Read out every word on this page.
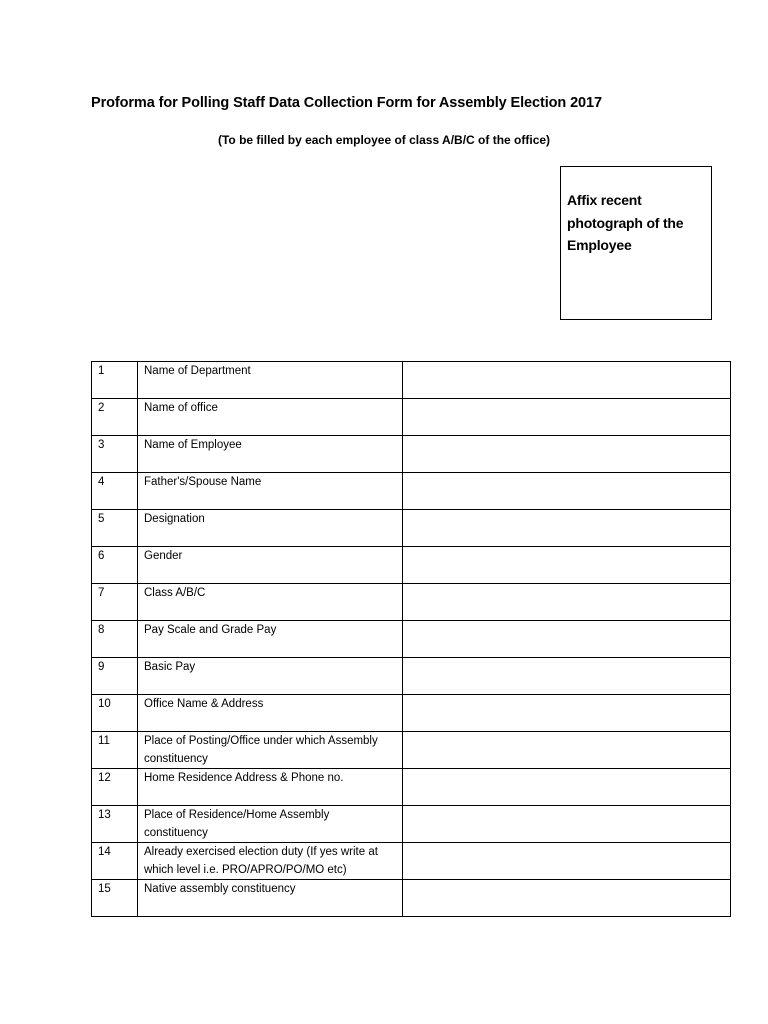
Proforma for Polling Staff Data Collection Form for Assembly Election 2017
(To be filled by each employee of class A/B/C of the office)
Affix recent
photograph of the
Employee
1	Name of Department	
2	Name of office	
3	Name of Employee	
4	Father's/Spouse Name	
5	Designation	
6	Gender	
7	Class A/B/C	
8	Pay Scale and Grade Pay	
9	Basic Pay	
10	Office Name & Address	
11	Place of Posting/Office under which Assembly constituency	
12	Home Residence Address & Phone no.	
13	Place of Residence/Home Assembly constituency	
14	Already exercised election duty (If yes write at which level i.e. PRO/APRO/PO/MO etc)	
15	Native assembly constituency	
